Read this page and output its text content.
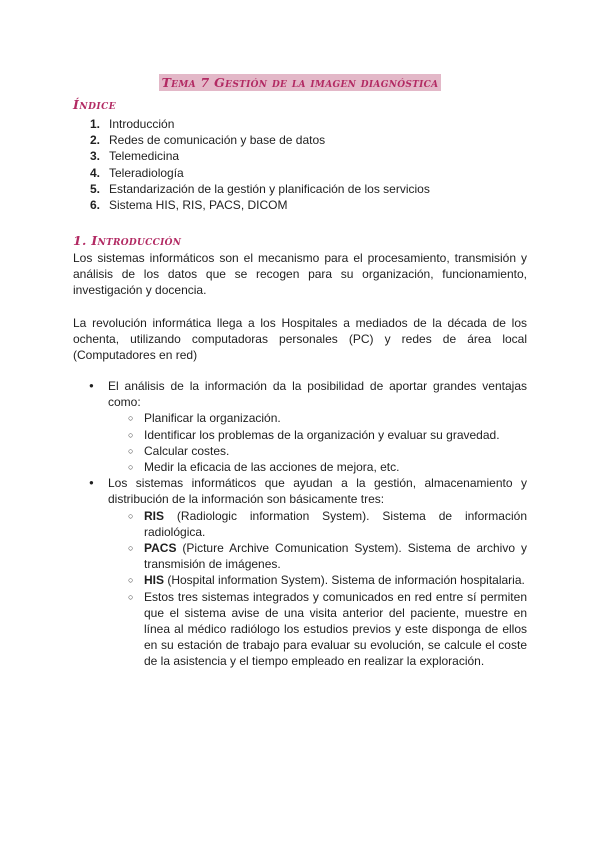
Tema 7 Gestión de la imagen diagnóstica
Índice
1. Introducción
2. Redes de comunicación y base de datos
3. Telemedicina
4. Teleradiología
5. Estandarización de la gestión y planificación de los servicios
6. Sistema HIS, RIS, PACS, DICOM
1. Introducción

Los sistemas informáticos son el mecanismo para el procesamiento, transmisión y análisis de los datos que se recogen para su organización, funcionamiento, investigación y docencia.

La revolución informática llega a los Hospitales a mediados de la década de los ochenta, utilizando computadoras personales (PC) y redes de área local (Computadores en red)

● El análisis de la información da la posibilidad de aportar grandes ventajas como:
○ Planificar la organización.
○ Identificar los problemas de la organización y evaluar su gravedad.
○ Calcular costes.
○ Medir la eficacia de las acciones de mejora, etc.
● Los sistemas informáticos que ayudan a la gestión, almacenamiento y distribución de la información son básicamente tres:
○ RIS (Radiologic information System). Sistema de información radiológica.
○ PACS (Picture Archive Comunication System). Sistema de archivo y transmisión de imágenes.
○ HIS (Hospital information System). Sistema de información hospitalaria.
○ Estos tres sistemas integrados y comunicados en red entre sí permiten que el sistema avise de una visita anterior del paciente, muestre en línea al médico radiólogo los estudios previos y este disponga de ellos en su estación de trabajo para evaluar su evolución, se calcule el coste de la asistencia y el tiempo empleado en realizar la exploración.
